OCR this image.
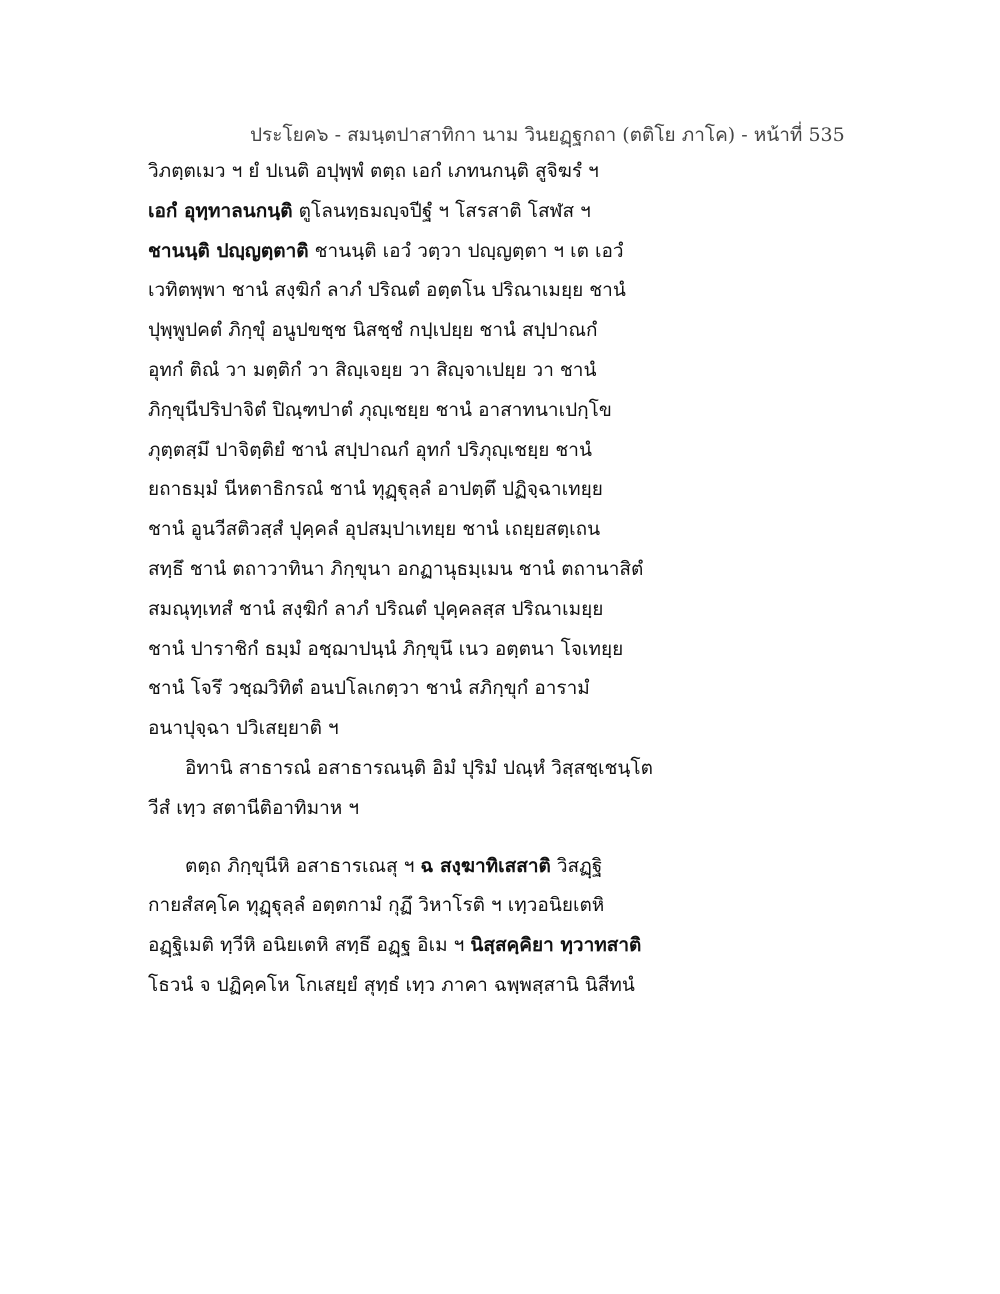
ประโยค๖ - สมนฺตปาสาทิกา นาม วินยฏฺฐกถา (ตติโย ภาโค) - หน้าที่ 535
วิภตฺตเมว ฯ ยํ ปเนติ อปุพฺพํ ตตฺถ เอกํ เภทนกนฺติ สูจิฆรํ ฯ
เอกํ อุทฺทาลนกนฺติ ตูโลนทฺธมญฺจปีฐํ ฯ โสรสาติ โสฬส ฯ
ชานนฺติ ปญฺญตฺตาติ ชานนฺติ เอวํ วตฺวา ปญฺญตฺตา ฯ เต เอวํ
เวทิตพฺพา ชานํ สงฺฆิกํ ลาภํ ปริณตํ อตฺตโน ปริณาเมยฺย ชานํ
ปุพฺพูปคตํ ภิกฺขุํ อนูปขชฺช นิสชฺชํ กปฺเปยฺย ชานํ สปฺปาณกํ
อุทกํ ติณํ วา มตฺติกํ วา สิญฺเจยฺย วา สิญฺจาเปยฺย วา ชานํ
ภิกฺขุนีปริปาจิตํ ปิณฺฑปาตํ ภุญฺเชยฺย ชานํ อาสาทนาเปกฺโข
ภุตฺตสฺมึ ปาจิตฺติยํ ชานํ สปฺปาณกํ อุทกํ ปริภุญฺเชยฺย ชานํ
ยถาธมฺมํ นีหตาธิกรณํ ชานํ ทุฏฺฐุลฺลํ อาปตฺตึ ปฏิจฺฉาเทยฺย
ชานํ อูนวีสติวสฺสํ ปุคฺคลํ อุปสมฺปาเทยฺย ชานํ เถยฺยสตฺเถน
สทฺธึ ชานํ ตถาวาทินา ภิกฺขุนา อกฏานุธมฺเมน ชานํ ตถานาสิตํ
สมณุทฺเทสํ ชานํ สงฺฆิกํ ลาภํ ปริณตํ ปุคฺคลสฺส ปริณาเมยฺย
ชานํ ปาราชิกํ ธมฺมํ อชฺฌาปนฺนํ ภิกฺขุนึ เนว อตฺตนา โจเทยฺย
ชานํ โจรึ วชฺฌวิทิตํ อนปโลเกตฺวา ชานํ สภิกฺขุกํ อารามํ
อนาปุจฺฉา ปวิเสยฺยาติ ฯ
อิทานิ สาธารณํ อสาธารณนฺติ อิมํ ปุริมํ ปณฺหํ วิสฺสชฺเชนฺโต
วีสํ เทฺว สตานีติอาทิมาห ฯ
ตตฺถ ภิกฺขุนีหิ อสาธารเณสุ ฯ ฉ สงฺฆาทิเสสาติ วิสฏฺฐิ
กายสํสคฺโค ทุฏฺฐุลฺลํ อตฺตกามํ กุฏึ วิหาโรติ ฯ เทฺวอนิยเตหิ
อฏฺฐิเมติ ทฺวีหิ อนิยเตหิ สทฺธึ อฏฺฐ อิเม ฯ นิสฺสคฺคิยา ทฺวาทสาติ
โธวนํ จ ปฏิคฺคโห โกเสยฺยํ สุทฺธํ เทฺว ภาคา ฉพฺพสฺสานิ นิสีทนํ
